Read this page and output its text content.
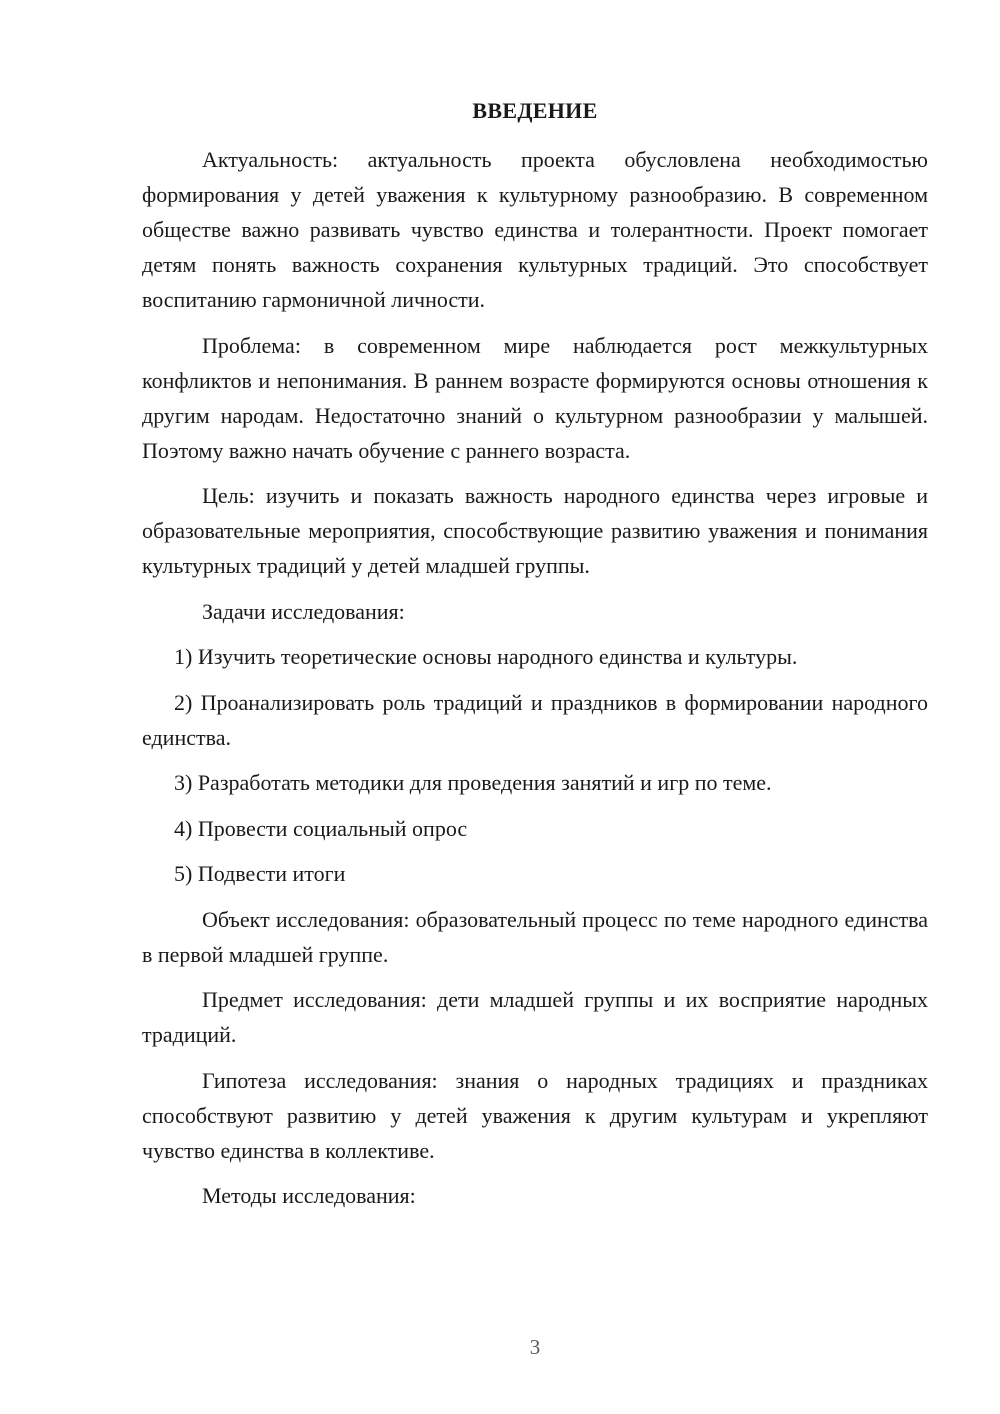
ВВЕДЕНИЕ

Актуальность: актуальность проекта обусловлена необходимостью формирования у детей уважения к культурному разнообразию. В современном обществе важно развивать чувство единства и толерантности. Проект помогает детям понять важность сохранения культурных традиций. Это способствует воспитанию гармоничной личности.

Проблема: в современном мире наблюдается рост межкультурных конфликтов и непонимания. В раннем возрасте формируются основы отношения к другим народам. Недостаточно знаний о культурном разнообразии у малышей. Поэтому важно начать обучение с раннего возраста.

Цель: изучить и показать важность народного единства через игровые и образовательные мероприятия, способствующие развитию уважения и понимания культурных традиций у детей младшей группы.

Задачи исследования:

1) Изучить теоретические основы народного единства и культуры.

2) Проанализировать роль традиций и праздников в формировании народного единства.

3) Разработать методики для проведения занятий и игр по теме.

4) Провести социальный опрос

5) Подвести итоги

Объект исследования: образовательный процесс по теме народного единства в первой младшей группе.

Предмет исследования: дети младшей группы и их восприятие народных традиций.

Гипотеза исследования: знания о народных традициях и праздниках способствуют развитию у детей уважения к другим культурам и укрепляют чувство единства в коллективе.

Методы исследования:

3
